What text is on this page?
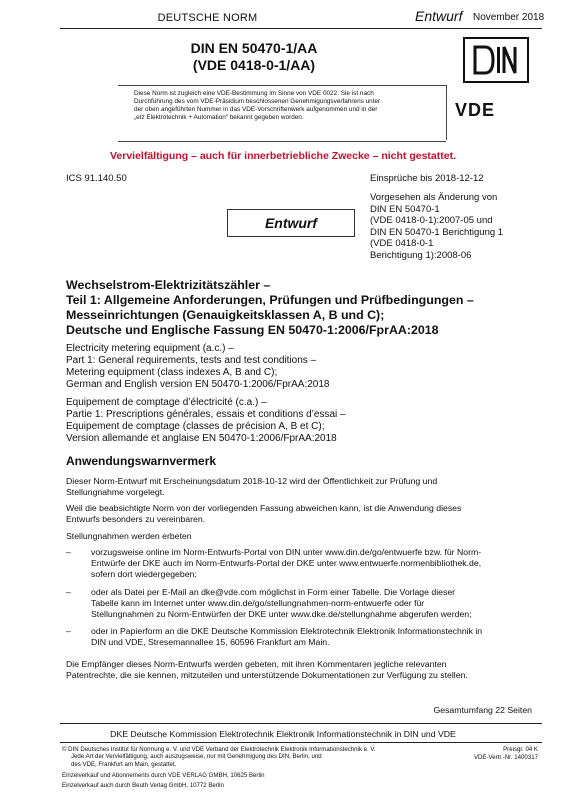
DEUTSCHE NORM	Entwurf November 2018
DIN EN 50470-1/AA
(VDE 0418-0-1/AA)
Diese Norm ist zugleich eine VDE-Bestimmung im Sinne von VDE 0022. Sie ist nach
Durchführung des vom VDE-Präsidium beschlossenen Genehmigungsverfahrens unter
der oben angeführten Nummer in das VDE-Vorschriftenwerk aufgenommen und in der
„etz Elektrotechnik + Automation“ bekannt gegeben worden.	VDE
Vervielfältigung – auch für innerbetriebliche Zwecke – nicht gestattet.
ICS 91.140.50	Einsprüche bis 2018-12-12
Vorgesehen als Änderung von
DIN EN 50470-1
(VDE 0418-0-1):2007-05 und
DIN EN 50470-1 Berichtigung 1
(VDE 0418-0-1
Berichtigung 1):2008-06
Entwurf
Wechselstrom-Elektrizitätszähler –
Teil 1: Allgemeine Anforderungen, Prüfungen und Prüfbedingungen –
Messeinrichtungen (Genauigkeitsklassen A, B und C);
Deutsche und Englische Fassung EN 50470-1:2006/FprAA:2018
Electricity metering equipment (a.c.) –
Part 1: General requirements, tests and test conditions –
Metering equipment (class indexes A, B and C);
German and English version EN 50470-1:2006/FprAA:2018
Equipement de comptage d’électricité (c.a.) –
Partie 1: Prescriptions générales, essais et conditions d’essai –
Equipement de comptage (classes de précision A, B et C);
Version allemande et anglaise EN 50470-1:2006/FprAA:2018
Anwendungswarnvermerk
Dieser Norm-Entwurf mit Erscheinungsdatum 2018-10-12 wird der Öffentlichkeit zur Prüfung und
Stellungnahme vorgelegt.
Weil die beabsichtigte Norm von der vorliegenden Fassung abweichen kann, ist die Anwendung dieses
Entwurfs besonders zu vereinbaren.
Stellungnahmen werden erbeten
– vorzugsweise online im Norm-Entwurfs-Portal von DIN unter www.din.de/go/entwuerfe bzw. für Norm-
Entwürfe der DKE auch im Norm-Entwurfs-Portal der DKE unter www.entwuerfe.normenbibliothek.de,
sofern dort wiedergegeben;
– oder als Datei per E-Mail an dke@vde.com möglichst in Form einer Tabelle. Die Vorlage dieser
Tabelle kann im Internet unter www.din.de/go/stellungnahmen-norm-entwuerfe oder für
Stellungnahmen zu Norm-Entwürfen der DKE unter www.dke.de/stellungnahme abgerufen werden;
– oder in Papierform an die DKE Deutsche Kommission Elektrotechnik Elektronik Informationstechnik in
DIN und VDE, Stresemannallee 15, 60596 Frankfurt am Main.
Die Empfänger dieses Norm-Entwurfs werden gebeten, mit ihren Kommentaren jegliche relevanten
Patentrechte, die sie kennen, mitzuteilen und unterstützende Dokumentationen zur Verfügung zu stellen.
Gesamtumfang 22 Seiten
DKE Deutsche Kommission Elektrotechnik Elektronik Informationstechnik in DIN und VDE
© DIN Deutsches Institut für Normung e. V. und VDE Verband der Elektrotechnik Elektronik Informationstechnik e. V.
Jede Art der Vervielfältigung, auch auszugsweise, nur mit Genehmigung des DIN, Berlin, und
des VDE, Frankfurt am Main, gestattet.
Preisgr. 04 K
VDE-Vertr.-Nr. 1400317
Einzelverkauf und Abonnements durch VDE VERLAG GMBH, 10625 Berlin
Einzelverkauf auch durch Beuth Verlag GmbH, 10772 Berlin
